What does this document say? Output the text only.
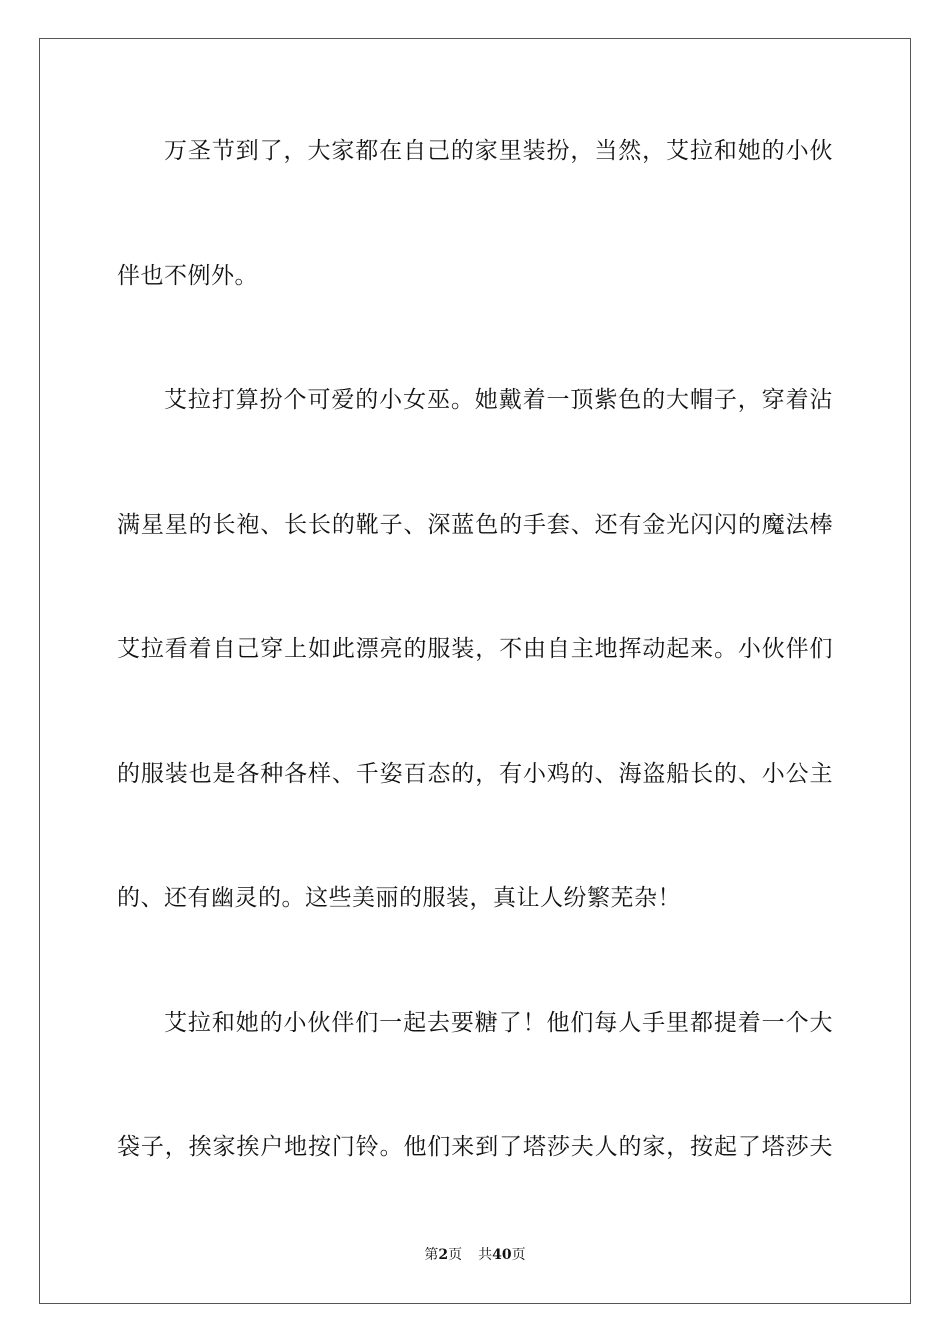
万圣节到了，大家都在自己的家里装扮，当然，艾拉和她的小伙
伴也不例外。
艾拉打算扮个可爱的小女巫。她戴着一顶紫色的大帽子，穿着沾
满星星的长袍、长长的靴子、深蓝色的手套、还有金光闪闪的魔法棒
艾拉看着自己穿上如此漂亮的服装，不由自主地挥动起来。小伙伴们
的服装也是各种各样、千姿百态的，有小鸡的、海盗船长的、小公主
的、还有幽灵的。这些美丽的服装，真让人纷繁芜杂！
艾拉和她的小伙伴们一起去要糖了！他们每人手里都提着一个大
袋子，挨家挨户地按门铃。他们来到了塔莎夫人的家，按起了塔莎夫
第2页 共40页
